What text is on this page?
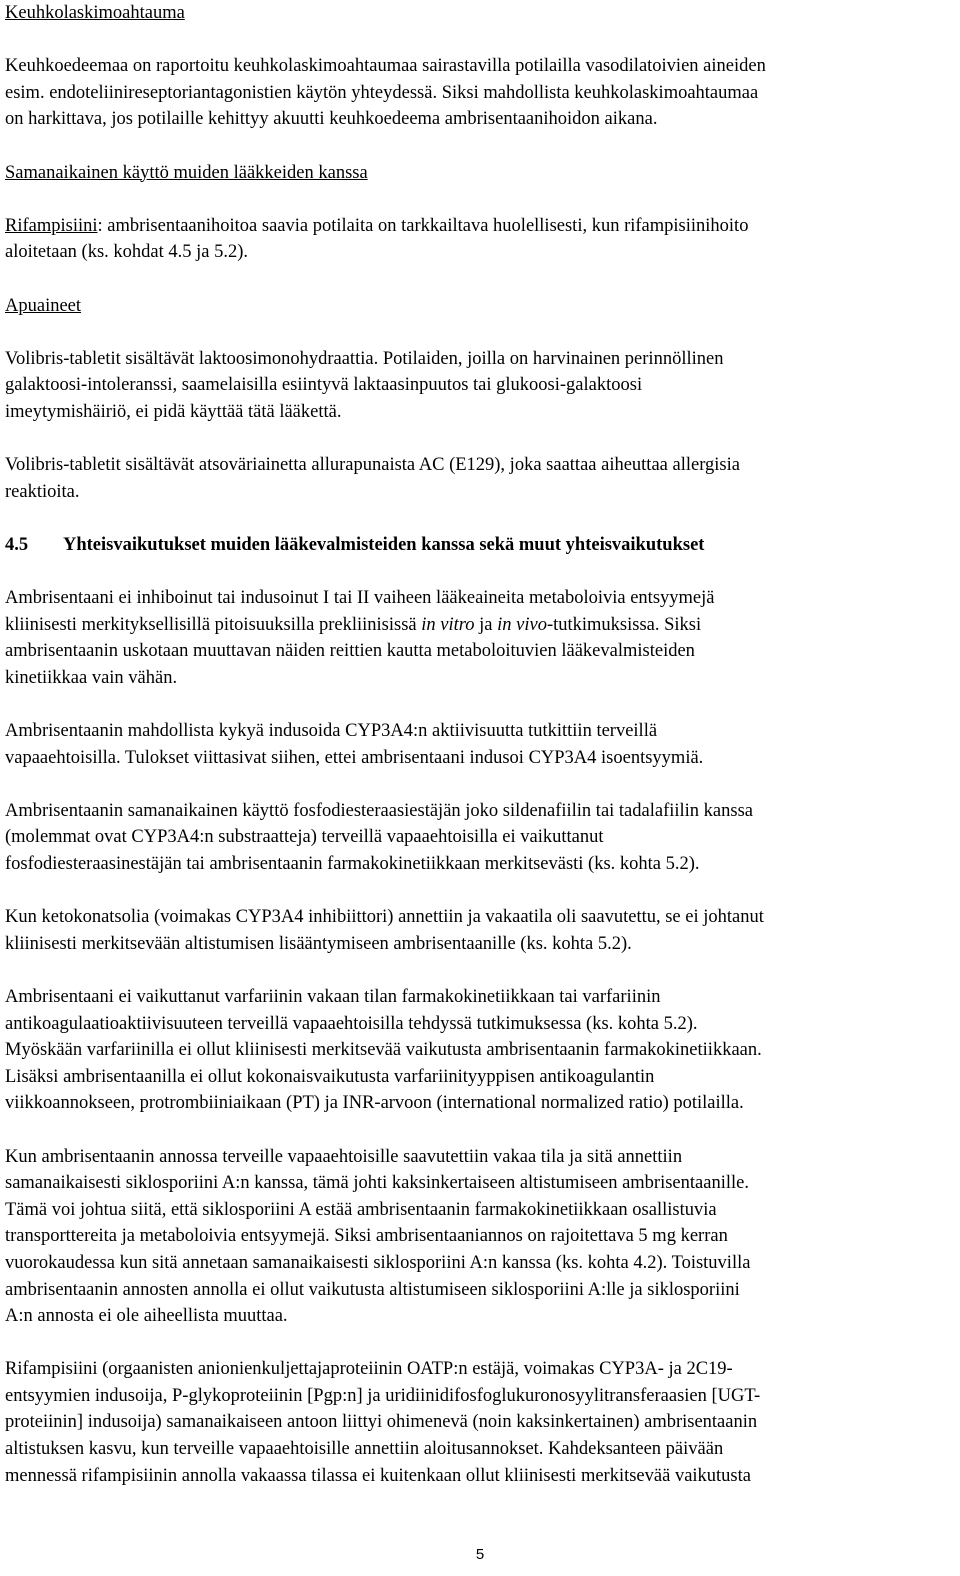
Keuhkolaskimoahtauma
Keuhkoedeemaa on raportoitu keuhkolaskimoahtaumaa sairastavilla potilailla vasodilatoivien aineiden
esim. endoteliinireseptoriantagonistien käytön yhteydessä. Siksi mahdollista keuhkolaskimoahtaumaa
on harkittava, jos potilaille kehittyy akuutti keuhkoedeema ambrisentaanihoidon aikana.
Samanaikainen käyttö muiden lääkkeiden kanssa
Rifampisiini: ambrisentaanihoitoa saavia potilaita on tarkkailtava huolellisesti, kun rifampisiinihoito
aloitetaan (ks. kohdat 4.5 ja 5.2).
Apuaineet
Volibris-tabletit sisältävät laktoosimonohydraattia. Potilaiden, joilla on harvinainen perinnöllinen
galaktoosi-intoleranssi, saamelaisilla esiintyvä laktaasinpuutos tai glukoosi-galaktoosi
imeytymishäiriö, ei pidä käyttää tätä lääkettä.
Volibris-tabletit sisältävät atsoväriainetta allurapunaista AC (E129), joka saattaa aiheuttaa allergisia
reaktioita.
4.5 Yhteisvaikutukset muiden lääkevalmisteiden kanssa sekä muut yhteisvaikutukset
Ambrisentaani ei inhiboinut tai indusoinut I tai II vaiheen lääkeaineita metaboloivia entsyymejä
kliinisesti merkityksellisillä pitoisuuksilla prekliinisissä in vitro ja in vivo-tutkimuksissa. Siksi
ambrisentaanin uskotaan muuttavan näiden reittien kautta metaboloituvien lääkevalmisteiden
kinetiikkaa vain vähän.
Ambrisentaanin mahdollista kykyä indusoida CYP3A4:n aktiivisuutta tutkittiin terveillä
vapaaehtoisilla. Tulokset viittasivat siihen, ettei ambrisentaani indusoi CYP3A4 isoentsyymiä.
Ambrisentaanin samanaikainen käyttö fosfodiesteraasiestäjän joko sildenafiilin tai tadalafiilin kanssa
(molemmat ovat CYP3A4:n substraatteja) terveillä vapaaehtoisilla ei vaikuttanut
fosfodiesteraasinestäjän tai ambrisentaanin farmakokinetiikkaan merkitsevästi (ks. kohta 5.2).
Kun ketokonatsolia (voimakas CYP3A4 inhibiittori) annettiin ja vakaatila oli saavutettu, se ei johtanut
kliinisesti merkitsevään altistumisen lisääntymiseen ambrisentaanille (ks. kohta 5.2).
Ambrisentaani ei vaikuttanut varfariinin vakaan tilan farmakokinetiikkaan tai varfariinin
antikoagulaatioaktiivisuuteen terveillä vapaaehtoisilla tehdyssä tutkimuksessa (ks. kohta 5.2).
Myöskään varfariinilla ei ollut kliinisesti merkitsevää vaikutusta ambrisentaanin farmakokinetiikkaan.
Lisäksi ambrisentaanilla ei ollut kokonaisvaikutusta varfariinityyppisen antikoagulantin
viikkoannokseen, protrombiiniaikaan (PT) ja INR-arvoon (international normalized ratio) potilailla.
Kun ambrisentaanin annossa terveille vapaaehtoisille saavutettiin vakaa tila ja sitä annettiin
samanaikaisesti siklosporiini A:n kanssa, tämä johti kaksinkertaiseen altistumiseen ambrisentaanille.
Tämä voi johtua siitä, että siklosporiini A estää ambrisentaanin farmakokinetiikkaan osallistuvia
transporttereita ja metaboloivia entsyymejä. Siksi ambrisentaaniannos on rajoitettava 5 mg kerran
vuorokaudessa kun sitä annetaan samanaikaisesti siklosporiini A:n kanssa (ks. kohta 4.2). Toistuvilla
ambrisentaanin annosten annolla ei ollut vaikutusta altistumiseen siklosporiini A:lle ja siklosporiini
A:n annosta ei ole aiheellista muuttaa.
Rifampisiini (orgaanisten anionienkuljettajaproteiinin OATP:n estäjä, voimakas CYP3A- ja 2C19-
entsyymien indusoija, P-glykoproteiinin [Pgp:n] ja uridiinidifosfoglukuronosyylitransferaasien [UGT-
proteiinin] indusoija) samanaikaiseen antoon liittyi ohimenevä (noin kaksinkertainen) ambrisentaanin
altistuksen kasvu, kun terveille vapaaehtoisille annettiin aloitusannokset. Kahdeksanteen päivään
mennessä rifampisiinin annolla vakaassa tilassa ei kuitenkaan ollut kliinisesti merkitsevää vaikutusta
5
